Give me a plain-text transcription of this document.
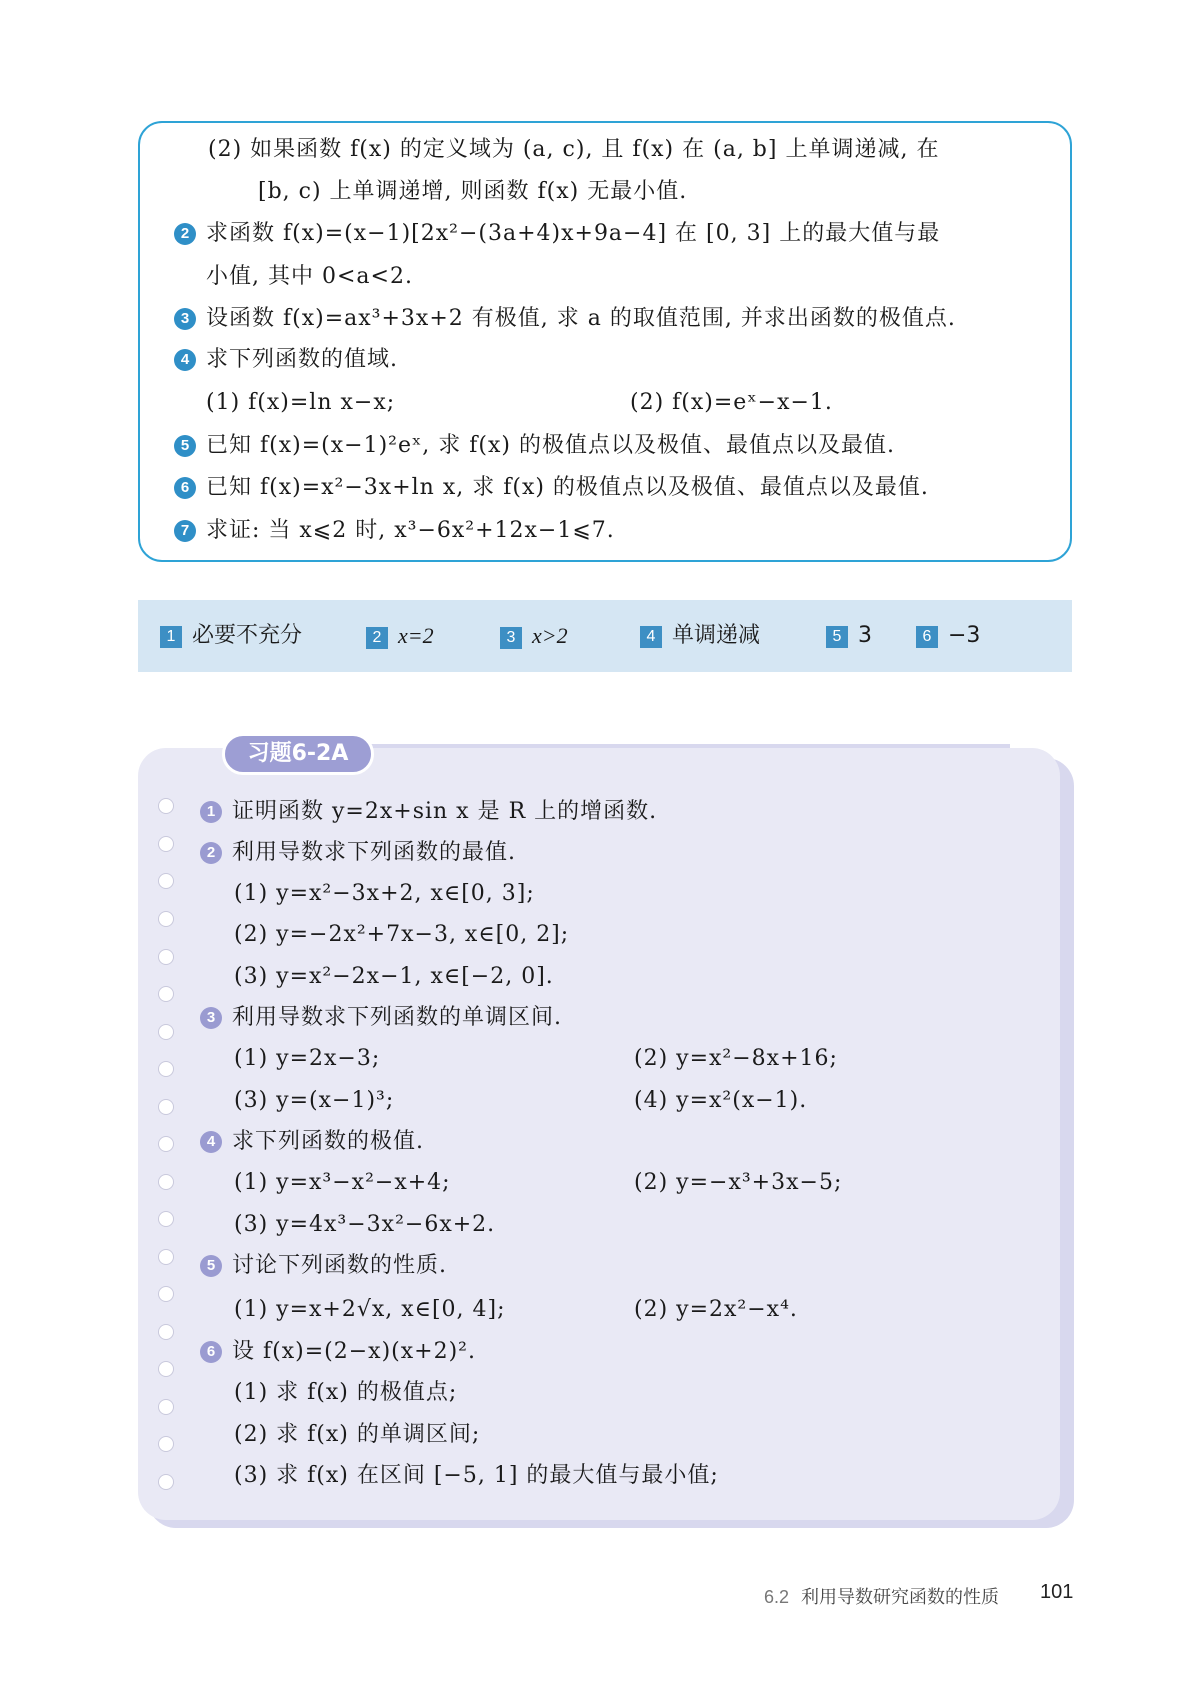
(2) 如果函数 f(x) 的定义域为 (a, c), 且 f(x) 在 (a, b] 上单调递减, 在
[b, c) 上单调递增, 则函数 f(x) 无最小值.
2 求函数 f(x)=(x−1)[2x²−(3a+4)x+9a−4] 在 [0, 3] 上的最大值与最
小值, 其中 0<a<2.
3 设函数 f(x)=ax³+3x+2 有极值, 求 a 的取值范围, 并求出函数的极值点.
4 求下列函数的值域.
(1) f(x)=ln x−x;	(2) f(x)=eˣ−x−1.
5 已知 f(x)=(x−1)²eˣ, 求 f(x) 的极值点以及极值、最值点以及最值.
6 已知 f(x)=x²−3x+ln x, 求 f(x) 的极值点以及极值、最值点以及最值.
7 求证: 当 x⩽2 时, x³−6x²+12x−1⩽7.
1 必要不充分	2 x=2	3 x>2	4 单调递减	5 3	6 −3
习题6-2A
1 证明函数 y=2x+sin x 是 R 上的增函数.
2 利用导数求下列函数的最值.
(1) y=x²−3x+2, x∈[0, 3];
(2) y=−2x²+7x−3, x∈[0, 2];
(3) y=x²−2x−1, x∈[−2, 0].
3 利用导数求下列函数的单调区间.
(1) y=2x−3;	(2) y=x²−8x+16;
(3) y=(x−1)³;	(4) y=x²(x−1).
4 求下列函数的极值.
(1) y=x³−x²−x+4;	(2) y=−x³+3x−5;
(3) y=4x³−3x²−6x+2.
5 讨论下列函数的性质.
(1) y=x+2√x, x∈[0, 4];	(2) y=2x²−x⁴.
6 设 f(x)=(2−x)(x+2)².
(1) 求 f(x) 的极值点;
(2) 求 f(x) 的单调区间;
(3) 求 f(x) 在区间 [−5, 1] 的最大值与最小值;
6.2 利用导数研究函数的性质 101
